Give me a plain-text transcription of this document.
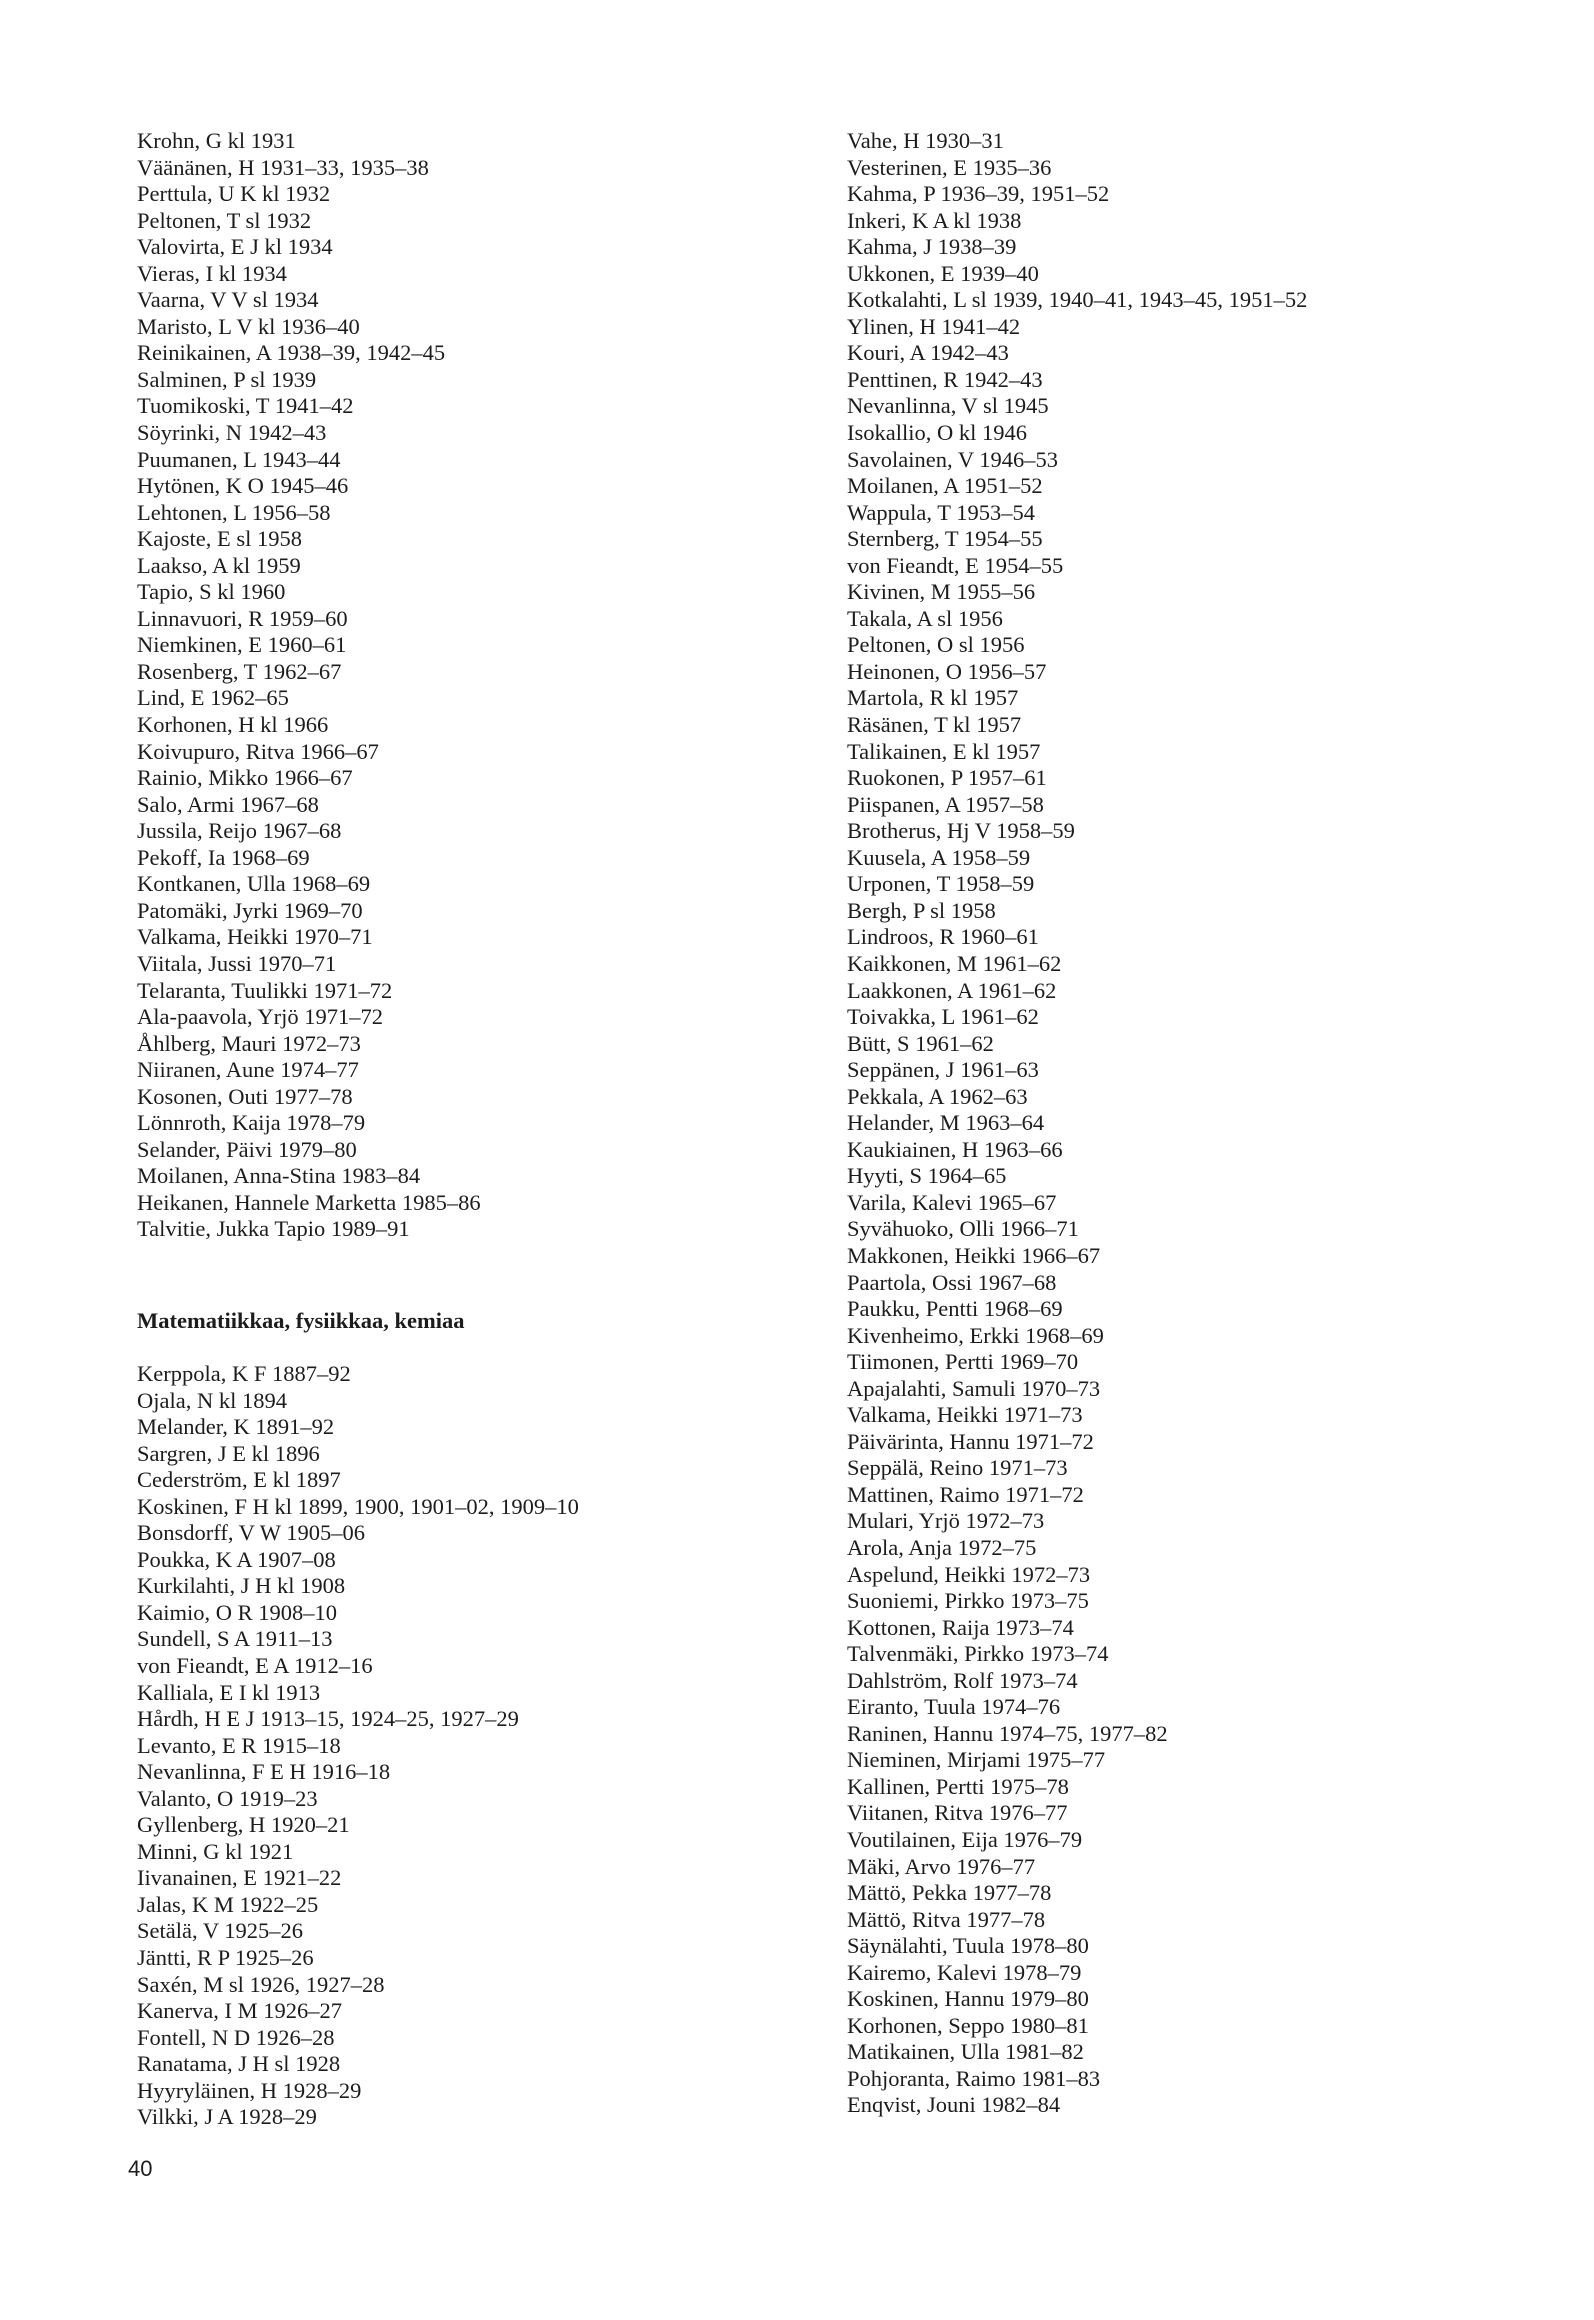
Krohn, G kl 1931
Väänänen, H 1931–33, 1935–38
Perttula, U K kl 1932
Peltonen, T sl 1932
Valovirta, E J kl 1934
Vieras, I kl 1934
Vaarna, V V sl 1934
Maristo, L V kl 1936–40
Reinikainen, A 1938–39, 1942–45
Salminen, P sl 1939
Tuomikoski, T 1941–42
Söyrinki, N 1942–43
Puumanen, L 1943–44
Hytönen, K O 1945–46
Lehtonen, L 1956–58
Kajoste, E sl 1958
Laakso, A kl 1959
Tapio, S kl 1960
Linnavuori, R 1959–60
Niemkinen, E 1960–61
Rosenberg, T 1962–67
Lind, E 1962–65
Korhonen, H kl 1966
Koivupuro, Ritva 1966–67
Rainio, Mikko 1966–67
Salo, Armi 1967–68
Jussila, Reijo 1967–68
Pekoff, Ia 1968–69
Kontkanen, Ulla 1968–69
Patomäki, Jyrki 1969–70
Valkama, Heikki 1970–71
Viitala, Jussi 1970–71
Telaranta, Tuulikki 1971–72
Ala-paavola, Yrjö 1971–72
Åhlberg, Mauri 1972–73
Niiranen, Aune 1974–77
Kosonen, Outi 1977–78
Lönnroth, Kaija 1978–79
Selander, Päivi 1979–80
Moilanen, Anna-Stina 1983–84
Heikanen, Hannele Marketta 1985–86
Talvitie, Jukka Tapio 1989–91
Matematiikkaa, fysiikkaa, kemiaa
Kerppola, K F 1887–92
Ojala, N kl 1894
Melander, K 1891–92
Sargren, J E kl 1896
Cederström, E kl 1897
Koskinen, F H kl 1899, 1900, 1901–02, 1909–10
Bonsdorff, V W 1905–06
Poukka, K A 1907–08
Kurkilahti, J H kl 1908
Kaimio, O R 1908–10
Sundell, S A 1911–13
von Fieandt, E A 1912–16
Kalliala, E I kl 1913
Hårdh, H E J 1913–15, 1924–25, 1927–29
Levanto, E R 1915–18
Nevanlinna, F E H 1916–18
Valanto, O 1919–23
Gyllenberg, H 1920–21
Minni, G kl 1921
Iivanainen, E 1921–22
Jalas, K M 1922–25
Setälä, V 1925–26
Jäntti, R P 1925–26
Saxén, M sl 1926, 1927–28
Kanerva, I M 1926–27
Fontell, N D 1926–28
Ranatama, J H sl 1928
Hyyryläinen, H 1928–29
Vilkki, J A 1928–29
Vahe, H 1930–31
Vesterinen, E 1935–36
Kahma, P 1936–39, 1951–52
Inkeri, K A kl 1938
Kahma, J 1938–39
Ukkonen, E 1939–40
Kotkalahti, L sl 1939, 1940–41, 1943–45, 1951–52
Ylinen, H 1941–42
Kouri, A 1942–43
Penttinen, R 1942–43
Nevanlinna, V sl 1945
Isokallio, O kl 1946
Savolainen, V 1946–53
Moilanen, A 1951–52
Wappula, T 1953–54
Sternberg, T 1954–55
von Fieandt, E 1954–55
Kivinen, M 1955–56
Takala, A sl 1956
Peltonen, O sl 1956
Heinonen, O 1956–57
Martola, R kl 1957
Räsänen, T kl 1957
Talikainen, E kl 1957
Ruokonen, P 1957–61
Piispanen, A 1957–58
Brotherus, Hj V 1958–59
Kuusela, A 1958–59
Urponen, T 1958–59
Bergh, P sl 1958
Lindroos, R 1960–61
Kaikkonen, M 1961–62
Laakkonen, A 1961–62
Toivakka, L 1961–62
Bütt, S 1961–62
Seppänen, J 1961–63
Pekkala, A 1962–63
Helander, M 1963–64
Kaukiainen, H 1963–66
Hyyti, S 1964–65
Varila, Kalevi 1965–67
Syvähuoko, Olli 1966–71
Makkonen, Heikki 1966–67
Paartola, Ossi 1967–68
Paukku, Pentti 1968–69
Kivenheimo, Erkki 1968–69
Tiimonen, Pertti 1969–70
Apajalahti, Samuli 1970–73
Valkama, Heikki 1971–73
Päivärinta, Hannu 1971–72
Seppälä, Reino 1971–73
Mattinen, Raimo 1971–72
Mulari, Yrjö 1972–73
Arola, Anja 1972–75
Aspelund, Heikki 1972–73
Suoniemi, Pirkko 1973–75
Kottonen, Raija 1973–74
Talvenmäki, Pirkko 1973–74
Dahlström, Rolf 1973–74
Eiranto, Tuula 1974–76
Raninen, Hannu 1974–75, 1977–82
Nieminen, Mirjami 1975–77
Kallinen, Pertti 1975–78
Viitanen, Ritva 1976–77
Voutilainen, Eija 1976–79
Mäki, Arvo 1976–77
Mättö, Pekka 1977–78
Mättö, Ritva 1977–78
Säynälahti, Tuula 1978–80
Kairemo, Kalevi 1978–79
Koskinen, Hannu 1979–80
Korhonen, Seppo 1980–81
Matikainen, Ulla 1981–82
Pohjoranta, Raimo 1981–83
Enqvist, Jouni 1982–84
40
